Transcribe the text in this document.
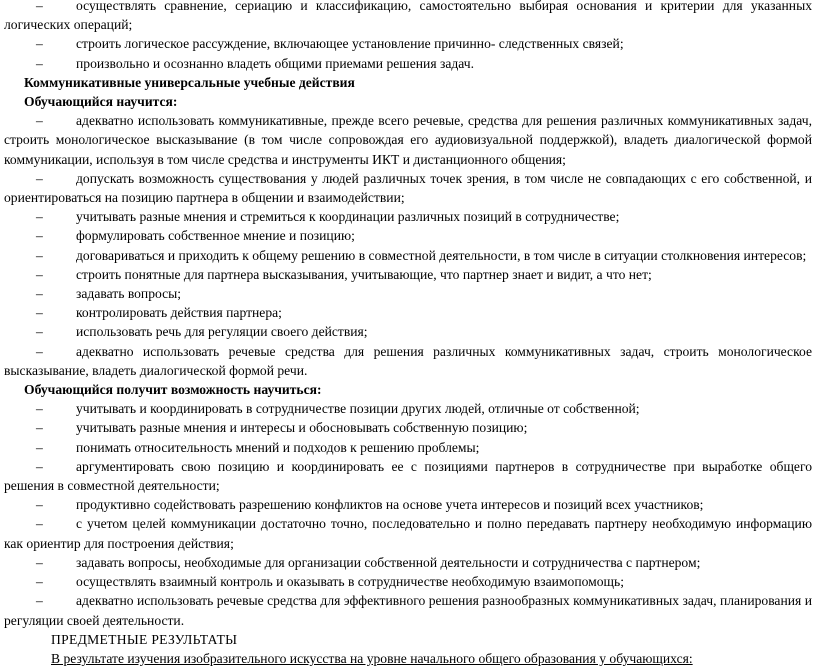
– осуществлять сравнение, сериацию и классификацию, самостоятельно выбирая основания и критерии для указанных логических операций;
– строить логическое рассуждение, включающее установление причинно- следственных связей;
– произвольно и осознанно владеть общими приемами решения задач.
Коммуникативные универсальные учебные действия
Обучающийся научится:
– адекватно использовать коммуникативные, прежде всего речевые, средства для решения различных коммуникативных задач, строить монологическое высказывание (в том числе сопровождая его аудиовизуальной поддержкой), владеть диалогической формой коммуникации, используя в том числе средства и инструменты ИКТ и дистанционного общения;
– допускать возможность существования у людей различных точек зрения, в том числе не совпадающих с его собственной, и ориентироваться на позицию партнера в общении и взаимодействии;
– учитывать разные мнения и стремиться к координации различных позиций в сотрудничестве;
– формулировать собственное мнение и позицию;
– договариваться и приходить к общему решению в совместной деятельности, в том числе в ситуации столкновения интересов;
– строить понятные для партнера высказывания, учитывающие, что партнер знает и видит, а что нет;
– задавать вопросы;
– контролировать действия партнера;
– использовать речь для регуляции своего действия;
– адекватно использовать речевые средства для решения различных коммуникативных задач, строить монологическое высказывание, владеть диалогической формой речи.
Обучающийся получит возможность научиться:
– учитывать и координировать в сотрудничестве позиции других людей, отличные от собственной;
– учитывать разные мнения и интересы и обосновывать собственную позицию;
– понимать относительность мнений и подходов к решению проблемы;
– аргументировать свою позицию и координировать ее с позициями партнеров в сотрудничестве при выработке общего решения в совместной деятельности;
– продуктивно содействовать разрешению конфликтов на основе учета интересов и позиций всех участников;
– с учетом целей коммуникации достаточно точно, последовательно и полно передавать партнеру необходимую информацию как ориентир для построения действия;
– задавать вопросы, необходимые для организации собственной деятельности и сотрудничества с партнером;
– осуществлять взаимный контроль и оказывать в сотрудничестве необходимую взаимопомощь;
– адекватно использовать речевые средства для эффективного решения разнообразных коммуникативных задач, планирования и регуляции своей деятельности.
ПРЕДМЕТНЫЕ РЕЗУЛЬТАТЫ
В результате изучения изобразительного искусства на уровне начального общего образования у обучающихся:
